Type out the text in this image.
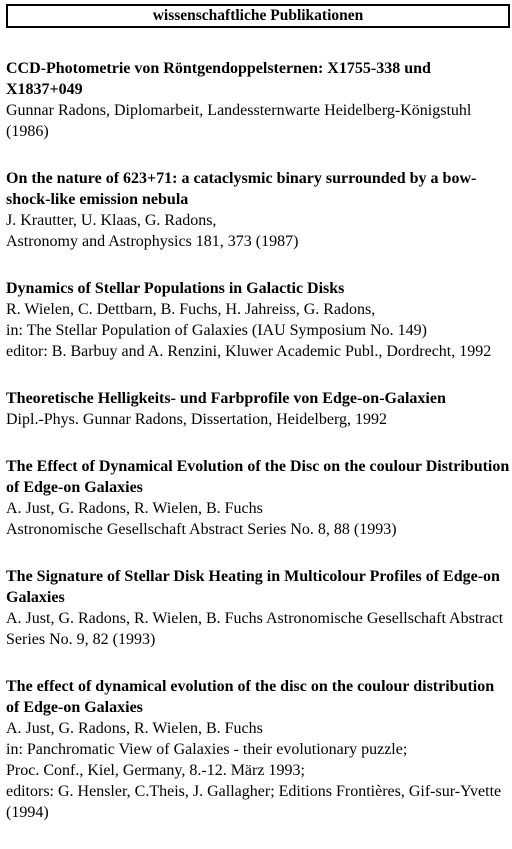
wissenschaftliche Publikationen
CCD-Photometrie von Röntgendoppelsternen: X1755-338 und X1837+049
Gunnar Radons, Diplomarbeit, Landessternwarte Heidelberg-Königstuhl (1986)
On the nature of 623+71: a cataclysmic binary surrounded by a bow-shock-like emission nebula
J. Krautter, U. Klaas, G. Radons,
Astronomy and Astrophysics 181, 373 (1987)
Dynamics of Stellar Populations in Galactic Disks
R. Wielen, C. Dettbarn, B. Fuchs, H. Jahreiss, G. Radons,
in: The Stellar Population of Galaxies (IAU Symposium No. 149)
editor: B. Barbuy and A. Renzini, Kluwer Academic Publ., Dordrecht, 1992
Theoretische Helligkeits- und Farbprofile von Edge-on-Galaxien
Dipl.-Phys. Gunnar Radons, Dissertation, Heidelberg, 1992
The Effect of Dynamical Evolution of the Disc on the coulour Distribution of Edge-on Galaxies
A. Just, G. Radons, R. Wielen, B. Fuchs
Astronomische Gesellschaft Abstract Series No. 8, 88 (1993)
The Signature of Stellar Disk Heating in Multicolour Profiles of Edge-on Galaxies
A. Just, G. Radons, R. Wielen, B. Fuchs Astronomische Gesellschaft Abstract Series No. 9, 82 (1993)
The effect of dynamical evolution of the disc on the coulour distribution of Edge-on Galaxies
A. Just, G. Radons, R. Wielen, B. Fuchs
in: Panchromatic View of Galaxies - their evolutionary puzzle;
Proc. Conf., Kiel, Germany, 8.-12. März 1993;
editors: G. Hensler, C.Theis, J. Gallagher; Editions Frontières, Gif-sur-Yvette (1994)
